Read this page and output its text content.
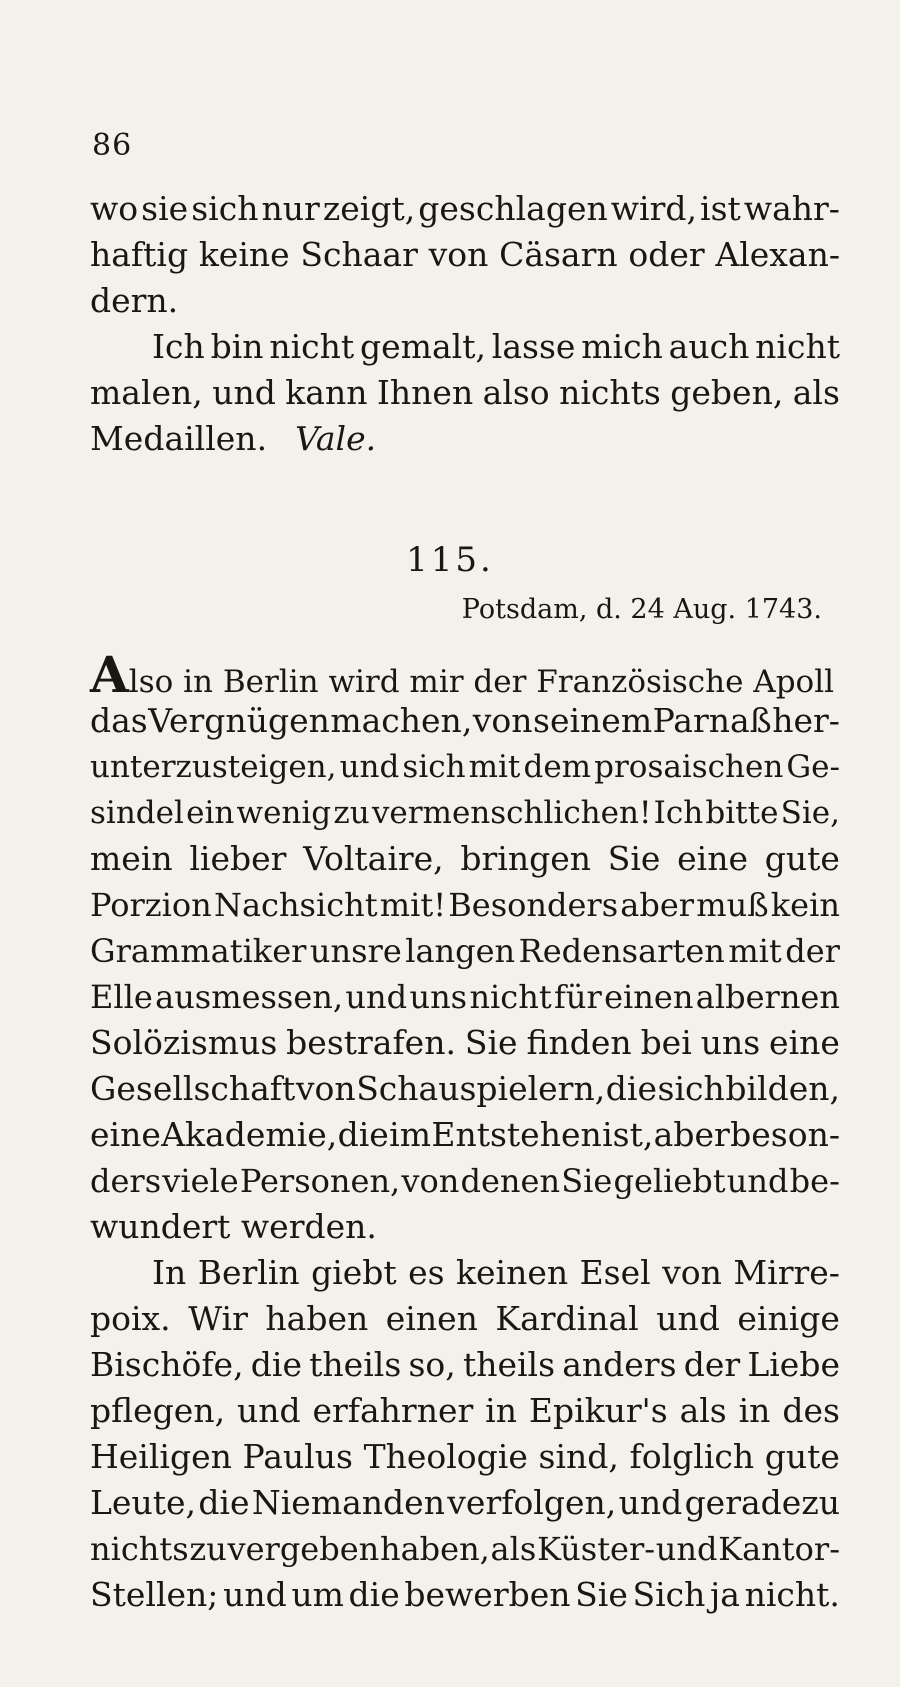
86
wo sie sich nur zeigt, geschlagen wird, ist wahr-
haftig keine Schaar von Cäsarn oder Alexan-
dern.
Ich bin nicht gemalt, lasse mich auch nicht
malen, und kann Ihnen also nichts geben, als
Medaillen. Vale.
115.
Potsdam, d. 24 Aug. 1743.
Also in Berlin wird mir der Französische Apoll
das Vergnügen machen, von seinem Parnaß her-
unterzusteigen, und sich mit dem prosaischen Ge-
sindel ein wenig zu vermenschlichen! Ich bitte Sie,
mein lieber Voltaire, bringen Sie eine gute
Porzion Nachsicht mit! Besonders aber muß kein
Grammatiker unsre langen Redensarten mit der
Elle ausmessen, und uns nicht für einen albernen
Solözismus bestrafen. Sie finden bei uns eine
Gesellschaft von Schauspielern, die sich bilden,
eine Akademie, die im Entstehen ist, aber beson-
ders viele Personen, von denen Sie geliebt und be-
wundert werden.
In Berlin giebt es keinen Esel von Mirre-
poix. Wir haben einen Kardinal und einige
Bischöfe, die theils so, theils anders der Liebe
pflegen, und erfahrner in Epikur's als in des
Heiligen Paulus Theologie sind, folglich gute
Leute, die Niemanden verfolgen, und geradezu
nichts zu vergeben haben, als Küster- und Kantor-
Stellen; und um die bewerben Sie Sich ja nicht.
